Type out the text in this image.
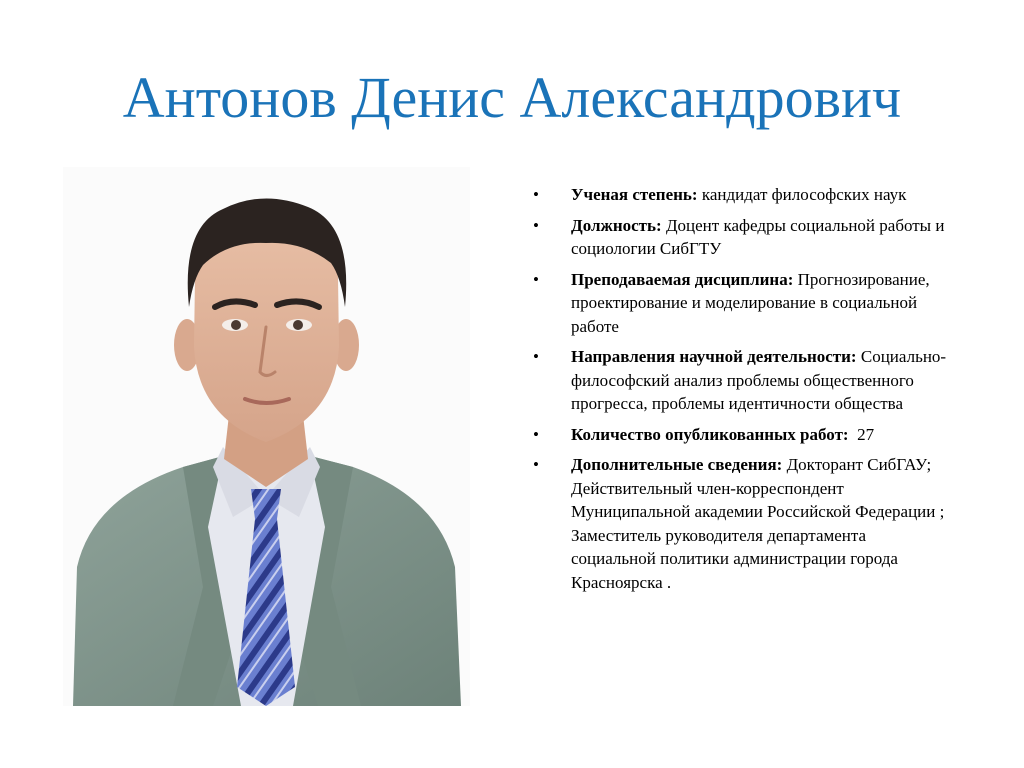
Антонов Денис Александрович
• Ученая степень: кандидат философских наук
• Должность: Доцент кафедры социальной работы и социологии СибГТУ
• Преподаваемая дисциплина: Прогнозирование, проектирование и моделирование в социальной работе
• Направления научной деятельности: Социально-философский анализ проблемы общественного прогресса, проблемы идентичности общества
• Количество опубликованных работ:  27
• Дополнительные сведения: Докторант СибГАУ; Действительный член-корреспондент Муниципальной академии Российской Федерации ; Заместитель руководителя департамента социальной политики администрации города Красноярска .
